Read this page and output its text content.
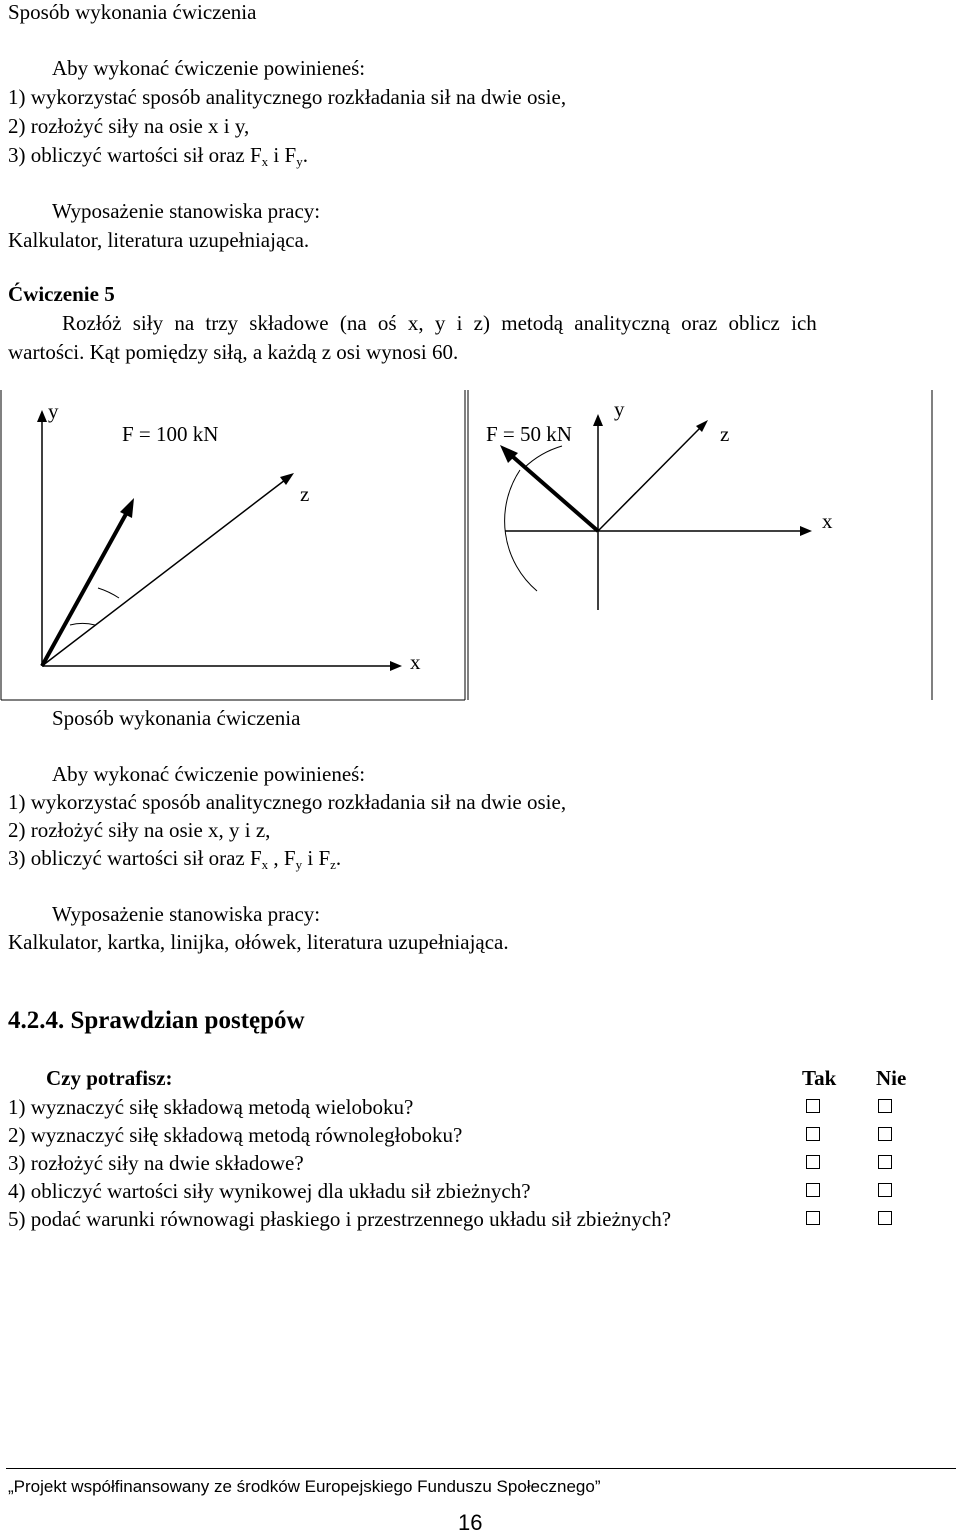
Sposób wykonania ćwiczenia
Aby wykonać ćwiczenie powinieneś:
1) wykorzystać sposób analitycznego rozkładania sił na dwie osie,
2) rozłożyć siły na osie x i y,
3) obliczyć wartości sił oraz Fx i Fy.
Wyposażenie stanowiska pracy:
Kalkulator, literatura uzupełniająca.
Ćwiczenie 5
Rozłóż siły na trzy składowe (na oś x, y i z) metodą analityczną oraz oblicz ich
wartości. Kąt pomiędzy siłą, a każdą z osi wynosi 60.
y
F = 100 kN
z
x
y
F = 50 kN	z
x
Sposób wykonania ćwiczenia
Aby wykonać ćwiczenie powinieneś:
1) wykorzystać sposób analitycznego rozkładania sił na dwie osie,
2) rozłożyć siły na osie x, y i z,
3) obliczyć wartości sił oraz Fx , Fy i Fz.
Wyposażenie stanowiska pracy:
Kalkulator, kartka, linijka, ołówek, literatura uzupełniająca.
4.2.4. Sprawdzian postępów
Czy potrafisz:	Tak Nie
1) wyznaczyć siłę składową metodą wieloboku?
2) wyznaczyć siłę składową metodą równoległoboku?
3) rozłożyć siły na dwie składowe?
4) obliczyć wartości siły wynikowej dla układu sił zbieżnych?
5) podać warunki równowagi płaskiego i przestrzennego układu sił zbieżnych?
„Projekt współfinansowany ze środków Europejskiego Funduszu Społecznego”
16
